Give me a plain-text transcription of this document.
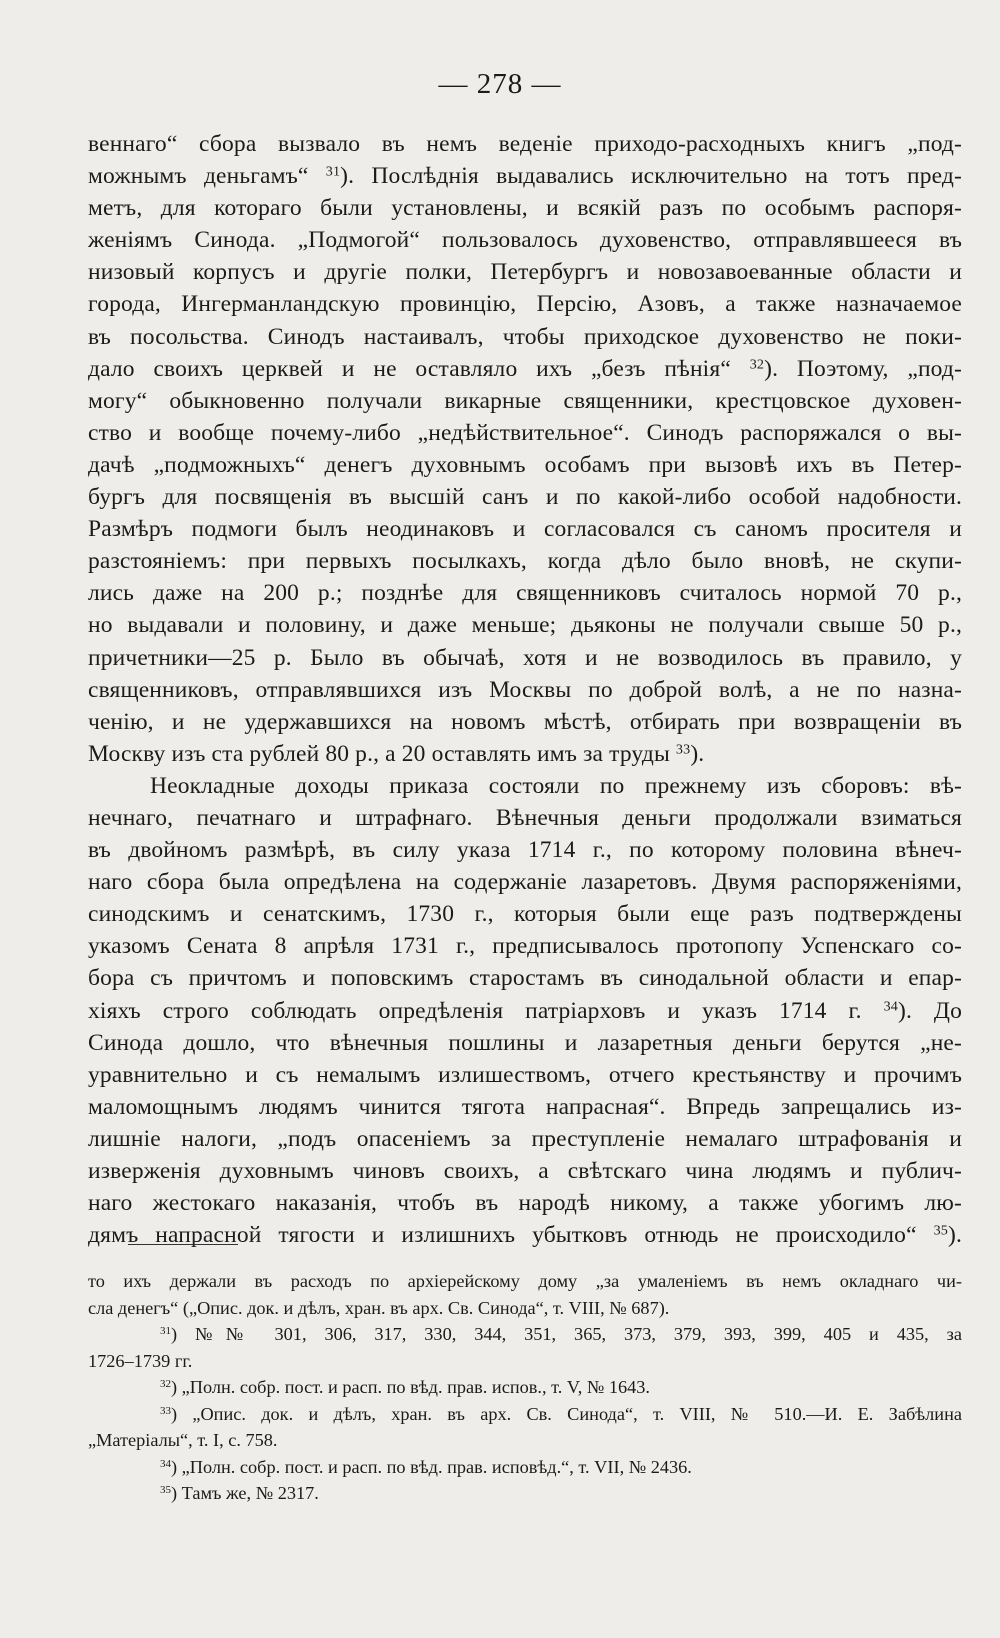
— 278 —
веннаго“ сбора вызвало въ немъ веденіе приходо-расходныхъ книгъ „под-
можнымъ деньгамъ“ $^{31}$). Послѣднія выдавались исключительно на тотъ пред-
метъ, для котораго были установлены, и всякій разъ по особымъ распоря-
женіямъ Синода. „Подмогой“ пользовалось духовенство, отправлявшееся въ
низовый корпусъ и другіе полки, Петербургъ и новозавоеванные области и
города, Ингерманландскую провинцію, Персію, Азовъ, а также назначаемое
въ посольства. Синодъ настаивалъ, чтобы приходское духовенство не поки-
дало своихъ церквей и не оставляло ихъ „безъ пѣнія“ $^{32}$). Поэтому, „под-
могу“ обыкновенно получали викарные священники, крестцовское духовен-
ство и вообще почему-либо „недѣйствительное“. Синодъ распоряжался о вы-
дачѣ „подможныхъ“ денегъ духовнымъ особамъ при вызовѣ ихъ въ Петер-
бургъ для посвященія въ высшій санъ и по какой-либо особой надобности.
Размѣръ подмоги былъ неодинаковъ и согласовался съ саномъ просителя и
разстояніемъ: при первыхъ посылкахъ, когда дѣло было вновѣ, не скупи-
лись даже на 200 р.; позднѣе для священниковъ считалось нормой 70 р.,
но выдавали и половину, и даже меньше; дьяконы не получали свыше 50 р.,
причетники—25 р. Было въ обычаѣ, хотя и не возводилось въ правило, у
священниковъ, отправлявшихся изъ Москвы по доброй волѣ, а не по назна-
ченію, и не удержавшихся на новомъ мѣстѣ, отбирать при возвращеніи въ
Москву изъ ста рублей 80 р., а 20 оставлять имъ за труды $^{33}$).
Неокладные доходы приказа состояли по прежнему изъ сборовъ: вѣ-
нечнаго, печатнаго и штрафнаго. Вѣнечныя деньги продолжали взиматься
въ двойномъ размѣрѣ, въ силу указа 1714 г., по которому половина вѣнеч-
наго сбора была опредѣлена на содержаніе лазаретовъ. Двумя распоряженіями,
синодскимъ и сенатскимъ, 1730 г., которыя были еще разъ подтверждены
указомъ Сената 8 апрѣля 1731 г., предписывалось протопопу Успенскаго со-
бора съ причтомъ и поповскимъ старостамъ въ синодальной области и епар-
хіяхъ строго соблюдать опредѣленія патріарховъ и указъ 1714 г. $^{34}$). До
Синода дошло, что вѣнечныя пошлины и лазаретныя деньги берутся „не-
уравнительно и съ немалымъ излишествомъ, отчего крестьянству и прочимъ
маломощнымъ людямъ чинится тягота напрасная“. Впредь запрещались из-
лишніе налоги, „подъ опасеніемъ за преступленіе немалаго штрафованія и
изверженія духовнымъ чиновъ своихъ, а свѣтскаго чина людямъ и публич-
наго жестокаго наказанія, чтобъ въ народѣ никому, а также убогимъ лю-
дямъ напрасной тягости и излишнихъ убытковъ отнюдь не происходило“ $^{35}$).
то ихъ держали въ расходъ по архіерейскому дому „за умаленіемъ въ немъ окладнаго чи-
сла денегъ“ („Опис. док. и дѣлъ, хран. въ арх. Св. Синода“, т. VIII, № 687).
$^{31}$) №№ 301, 306, 317, 330, 344, 351, 365, 373, 379, 393, 399, 405 и 435, за
1726–1739 гг.
$^{32}$) „Полн. собр. пост. и расп. по вѣд. прав. испов., т. V, № 1643.
$^{33}$) „Опис. док. и дѣлъ, хран. въ арх. Св. Синода“, т. VIII, № 510.—И. Е. Забѣлина
„Матеріалы“, т. I, с. 758.
$^{34}$) „Полн. собр. пост. и расп. по вѣд. прав. исповѣд.“, т. VII, № 2436.
$^{35}$) Тамъ же, № 2317.
